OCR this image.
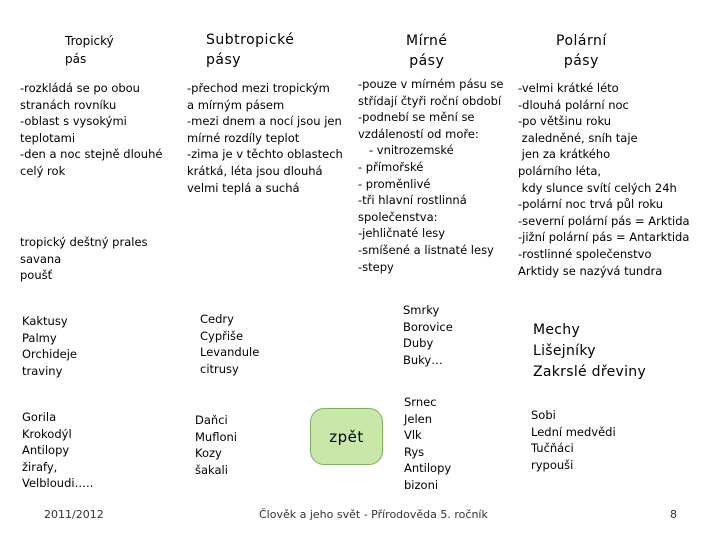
Tropický
pás
Subtropické
pásy
Mírné
pásy
Polární
pásy
-rozkládá se po obou
stranách rovníku
-oblast s vysokými
teplotami
-den a noc stejně dlouhé
celý rok
-přechod mezi tropickým
a mírným pásem
-mezi dnem a nocí jsou jen
mírné rozdíly teplot
-zima je v těchto oblastech
krátká, léta jsou dlouhá
velmi teplá a suchá
-pouze v mírném pásu se
střídají čtyři roční období
-podnebí se mění se
vzdáleností od moře:
- vnitrozemské
- přímořské
- proměnlivé
-tři hlavní rostlinná
společenstva:
-jehličnaté lesy
-smíšené a listnaté lesy
-stepy
-velmi krátké léto
-dlouhá polární noc
-po většinu roku
zaledněné, sníh taje
jen za krátkého
polárního léta,
kdy slunce svítí celých 24h
-polární noc trvá půl roku
-severní polární pás = Arktida
-jižní polární pás = Antarktida
-rostlinné společenstvo
Arktidy se nazývá tundra
tropický deštný prales
savana
poušť
Kaktusy
Palmy
Orchideje
traviny
Cedry
Cypřiše
Levandule
citrusy
Smrky
Borovice
Duby
Buky…
Mechy
Lišejníky
Zakrslé dřeviny
Gorila
Krokodýl
Antilopy
žirafy,
Velbloudi…..
Daňci
Mufloni
Kozy
šakali
Srnec
Jelen
Vlk
Rys
Antilopy
bizoni
Sobi
Lední medvědi
Tučňáci
rypouši
zpět
2011/2012	Člověk a jeho svět - Přírodověda 5. ročník	8
